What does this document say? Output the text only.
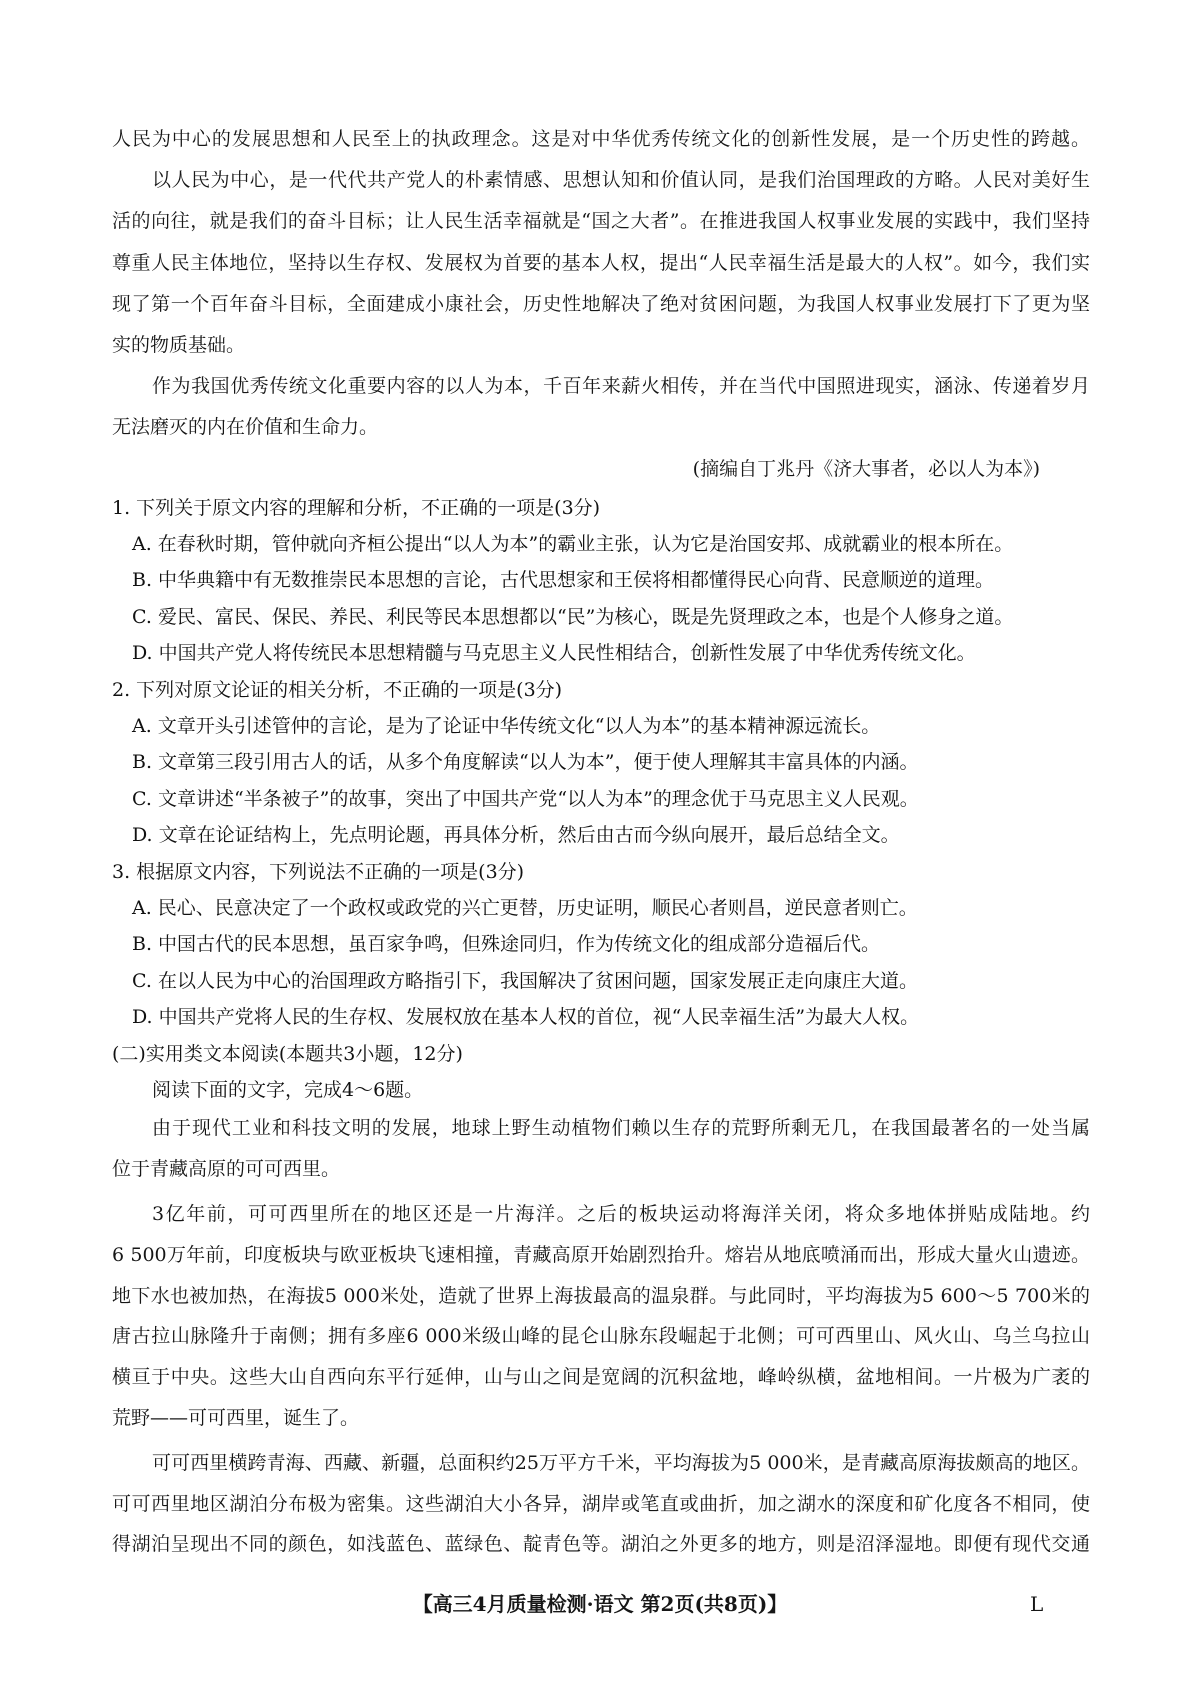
人民为中心的发展思想和人民至上的执政理念。这是对中华优秀传统文化的创新性发展，是一个历史性的跨越。
以人民为中心，是一代代共产党人的朴素情感、思想认知和价值认同，是我们治国理政的方略。人民对美好生
活的向往，就是我们的奋斗目标；让人民生活幸福就是“国之大者”。在推进我国人权事业发展的实践中，我们坚持
尊重人民主体地位，坚持以生存权、发展权为首要的基本人权，提出“人民幸福生活是最大的人权”。如今，我们实
现了第一个百年奋斗目标，全面建成小康社会，历史性地解决了绝对贫困问题，为我国人权事业发展打下了更为坚
实的物质基础。
作为我国优秀传统文化重要内容的以人为本，千百年来薪火相传，并在当代中国照进现实，涵泳、传递着岁月
无法磨灭的内在价值和生命力。
(摘编自丁兆丹《济大事者，必以人为本》)
1. 下列关于原文内容的理解和分析，不正确的一项是(3分)
A. 在春秋时期，管仲就向齐桓公提出“以人为本”的霸业主张，认为它是治国安邦、成就霸业的根本所在。
B. 中华典籍中有无数推崇民本思想的言论，古代思想家和王侯将相都懂得民心向背、民意顺逆的道理。
C. 爱民、富民、保民、养民、利民等民本思想都以“民”为核心，既是先贤理政之本，也是个人修身之道。
D. 中国共产党人将传统民本思想精髓与马克思主义人民性相结合，创新性发展了中华优秀传统文化。
2. 下列对原文论证的相关分析，不正确的一项是(3分)
A. 文章开头引述管仲的言论，是为了论证中华传统文化“以人为本”的基本精神源远流长。
B. 文章第三段引用古人的话，从多个角度解读“以人为本”，便于使人理解其丰富具体的内涵。
C. 文章讲述“半条被子”的故事，突出了中国共产党“以人为本”的理念优于马克思主义人民观。
D. 文章在论证结构上，先点明论题，再具体分析，然后由古而今纵向展开，最后总结全文。
3. 根据原文内容，下列说法不正确的一项是(3分)
A. 民心、民意决定了一个政权或政党的兴亡更替，历史证明，顺民心者则昌，逆民意者则亡。
B. 中国古代的民本思想，虽百家争鸣，但殊途同归，作为传统文化的组成部分造福后代。
C. 在以人民为中心的治国理政方略指引下，我国解决了贫困问题，国家发展正走向康庄大道。
D. 中国共产党将人民的生存权、发展权放在基本人权的首位，视“人民幸福生活”为最大人权。
(二)实用类文本阅读(本题共3小题，12分)
阅读下面的文字，完成4～6题。
由于现代工业和科技文明的发展，地球上野生动植物们赖以生存的荒野所剩无几，在我国最著名的一处当属
位于青藏高原的可可西里。
3亿年前，可可西里所在的地区还是一片海洋。之后的板块运动将海洋关闭，将众多地体拼贴成陆地。约
6 500万年前，印度板块与欧亚板块飞速相撞，青藏高原开始剧烈抬升。熔岩从地底喷涌而出，形成大量火山遗迹。
地下水也被加热，在海拔5 000米处，造就了世界上海拔最高的温泉群。与此同时，平均海拔为5 600～5 700米的
唐古拉山脉隆升于南侧；拥有多座6 000米级山峰的昆仑山脉东段崛起于北侧；可可西里山、风火山、乌兰乌拉山
横亘于中央。这些大山自西向东平行延伸，山与山之间是宽阔的沉积盆地，峰岭纵横，盆地相间。一片极为广袤的
荒野——可可西里，诞生了。
可可西里横跨青海、西藏、新疆，总面积约25万平方千米，平均海拔为5 000米，是青藏高原海拔颇高的地区。
可可西里地区湖泊分布极为密集。这些湖泊大小各异，湖岸或笔直或曲折，加之湖水的深度和矿化度各不相同，使
得湖泊呈现出不同的颜色，如浅蓝色、蓝绿色、靛青色等。湖泊之外更多的地方，则是沼泽湿地。即便有现代交通
【高三4月质量检测·语文 第2页(共8页)】	L
